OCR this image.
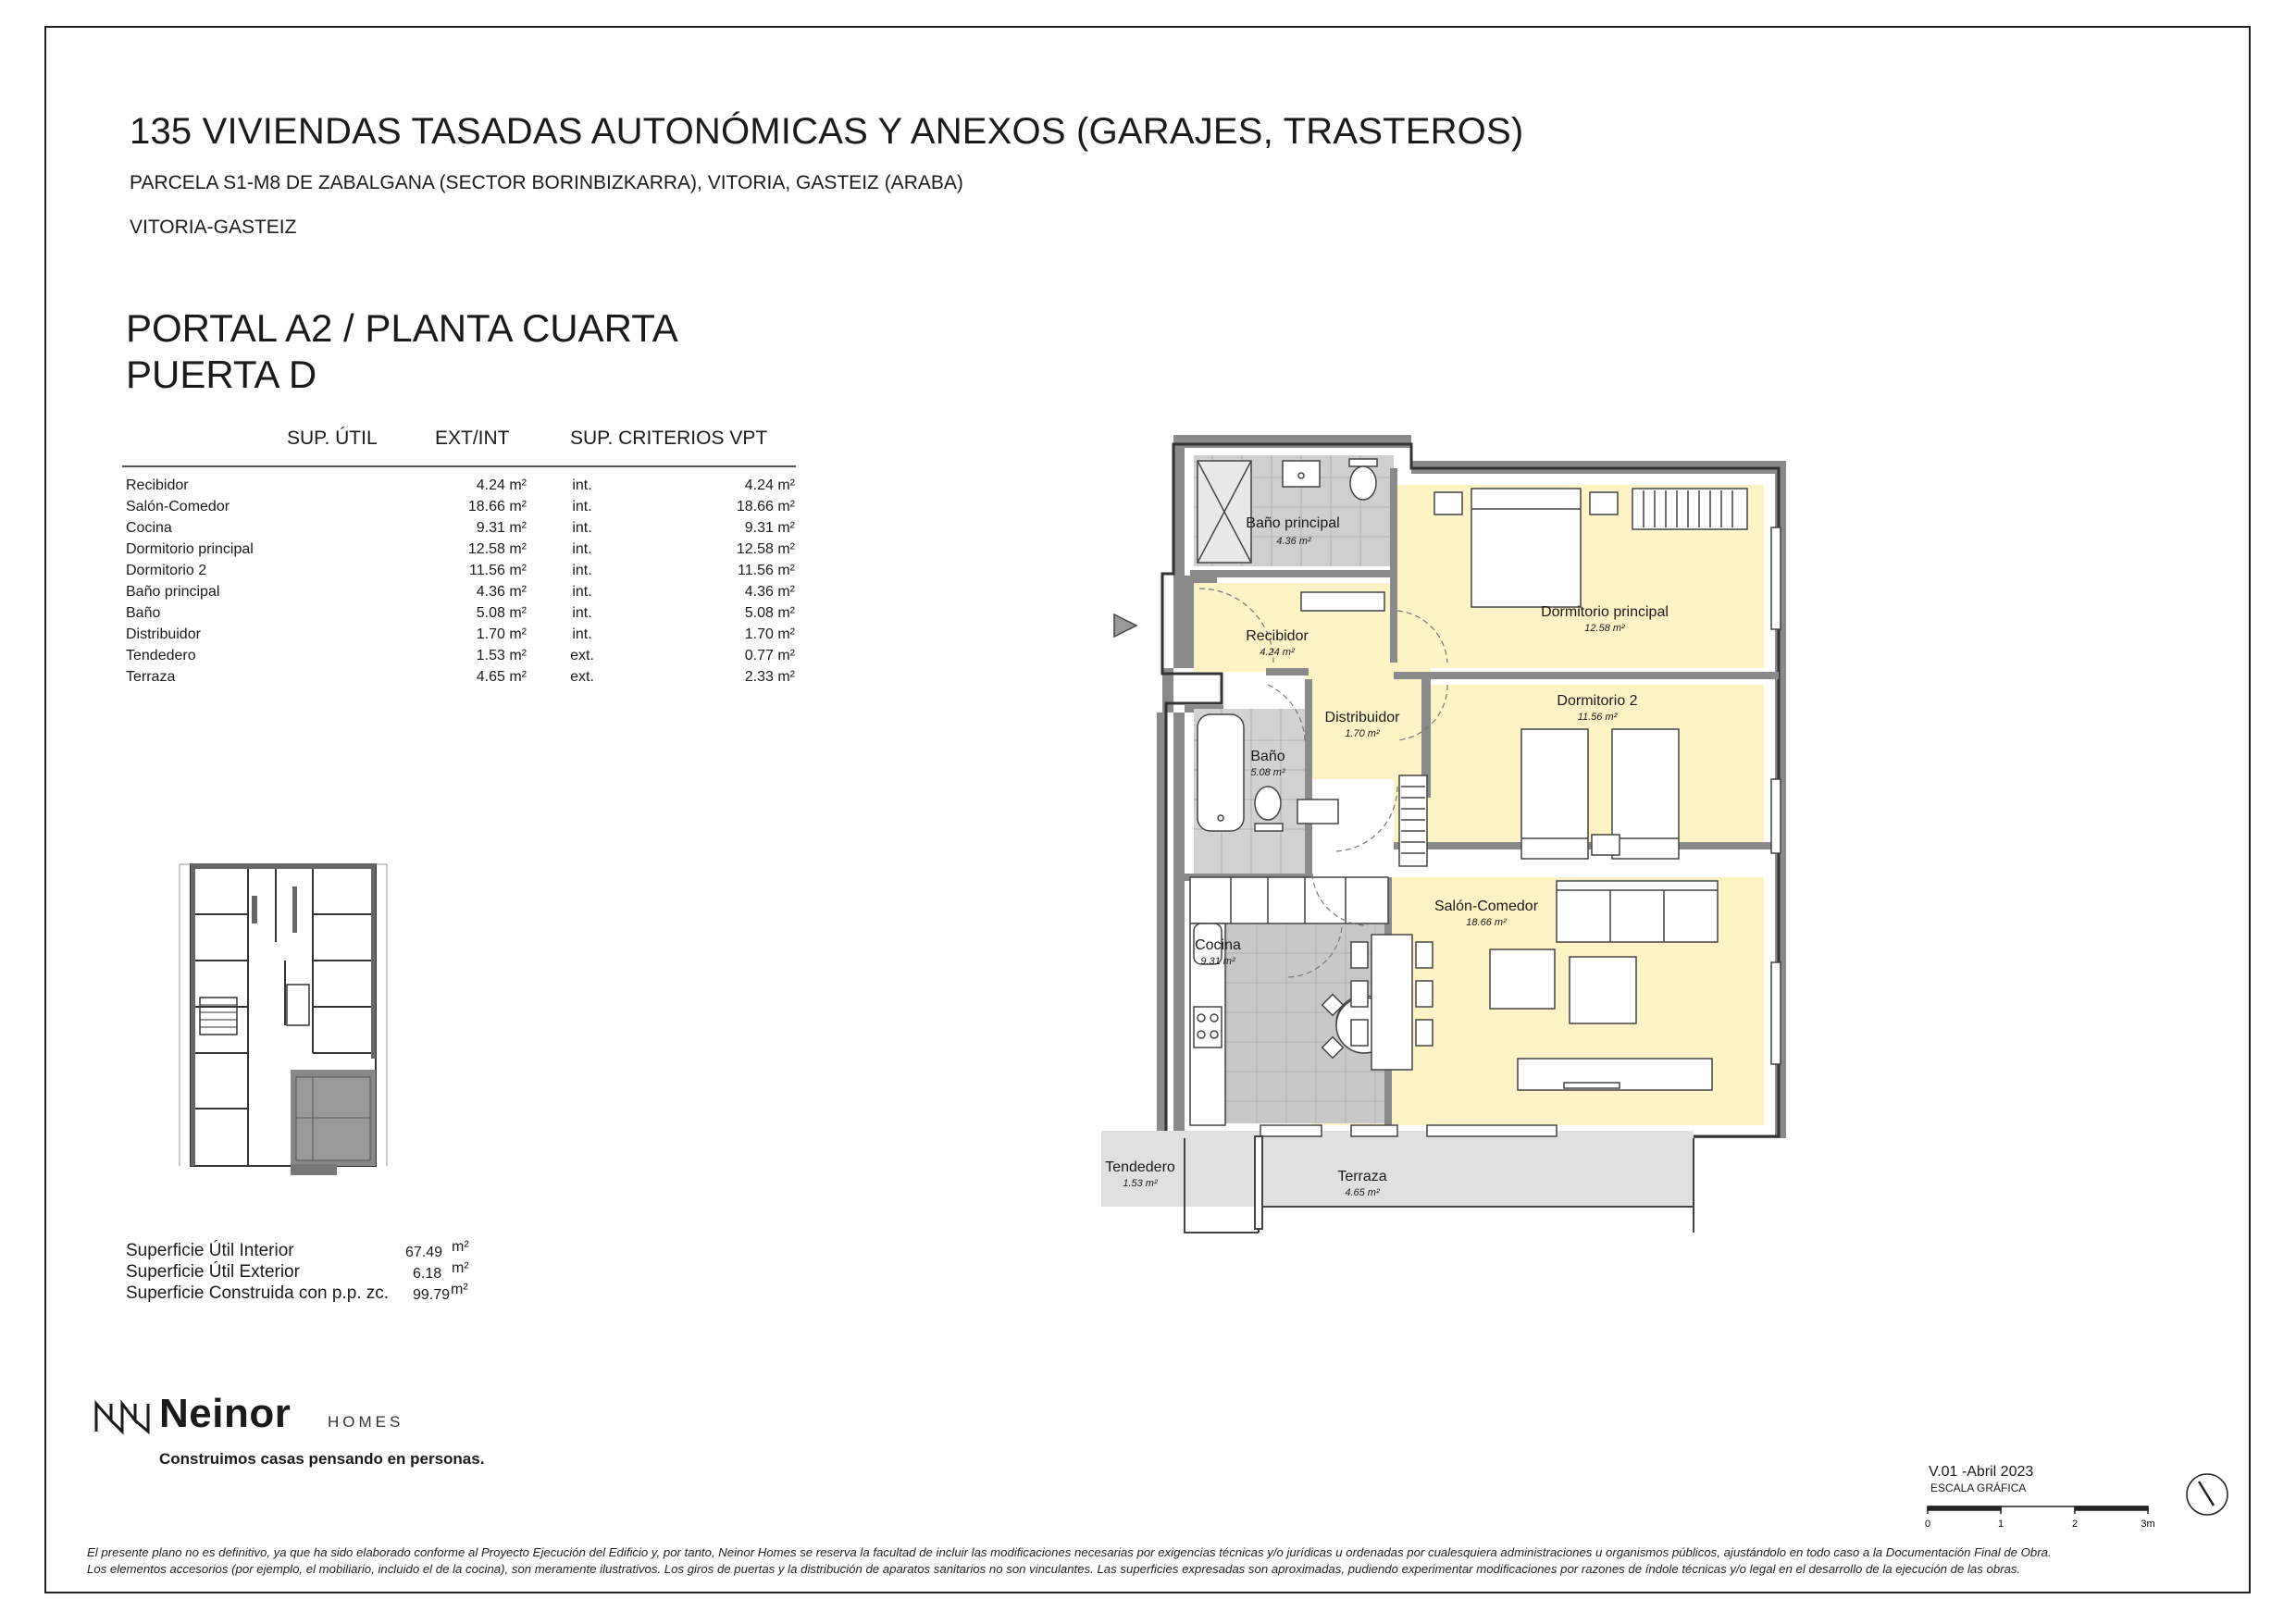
135 VIVIENDAS TASADAS AUTONÓMICAS Y ANEXOS (GARAJES, TRASTEROS)
PARCELA S1-M8 DE ZABALGANA (SECTOR BORINBIZKARRA), VITORIA, GASTEIZ (ARABA)
VITORIA-GASTEIZ
PORTAL A2 / PLANTA CUARTA
PUERTA D
SUP. ÚTIL	EXT/INT	SUP. CRITERIOS VPT
Recibidor	4.24 m²	int.	4.24 m²
Salón-Comedor	18.66 m²	int.	18.66 m²
Cocina	9.31 m²	int.	9.31 m²
Dormitorio principal	12.58 m²	int.	12.58 m²
Dormitorio 2	11.56 m²	int.	11.56 m²
Baño principal	4.36 m²	int.	4.36 m²
Baño	5.08 m²	int.	5.08 m²
Distribuidor	1.70 m²	int.	1.70 m²
Tendedero	1.53 m²	ext.	0.77 m²
Terraza	4.65 m²	ext.	2.33 m²
Superficie Útil Interior	67.49 m²
Superficie Útil Exterior	6.18 m²
Superficie Construida con p.p. zc. 99.79 m²
Baño principal
4.36 m²
Dormitorio principal
12.58 m²
Recibidor
4.24 m²
Distribuidor
1.70 m²
Dormitorio 2
11.56 m²
Baño
5.08 m²
Salón-Comedor
18.66 m²
Cocina
9.31 m²
Tendedero
1.53 m²	Terraza
4.65 m²
Neinor HOMES
Construimos casas pensando en personas.
V.01 -Abril 2023
ESCALA GRÁFICA
0	1	2	3m
El presente plano no es definitivo, ya que ha sido elaborado conforme al Proyecto Ejecución del Edificio y, por tanto, Neinor Homes se reserva la facultad de incluir las modificaciones necesarias por exigencias técnicas y/o jurídicas u ordenadas por cualesquiera administraciones u organismos públicos, ajustándolo en todo caso a la Documentación Final de Obra.
Los elementos accesorios (por ejemplo, el mobiliario, incluido el de la cocina), son meramente ilustrativos. Los giros de puertas y la distribución de aparatos sanitarios no son vinculantes. Las superficies expresadas son aproximadas, pudiendo experimentar modificaciones por razones de índole técnicas y/o legal en el desarrollo de la ejecución de las obras.
